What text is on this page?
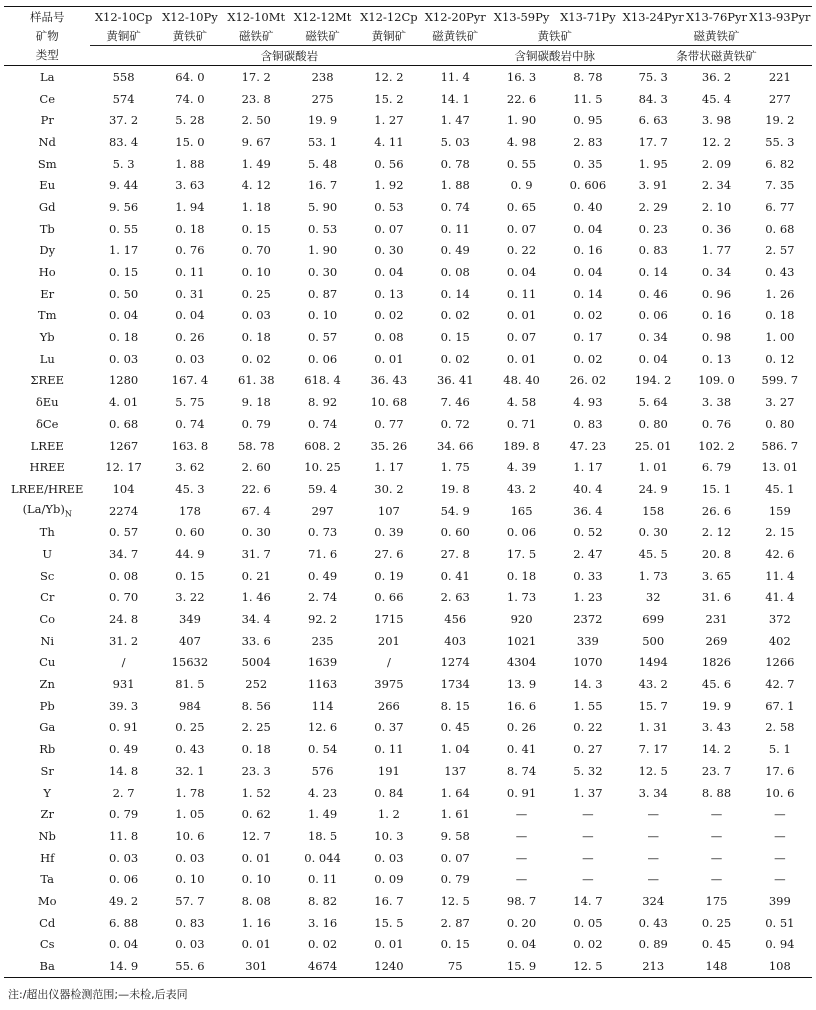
样品号	X12-10Cp	X12-10Py	X12-10Mt	X12-12Mt	X12-12Cp	X12-20Pyr	X13-59Py	X13-71Py	X13-24Pyr	X13-76Pyr	X13-93Pyr
矿物	黄铜矿	黄铁矿	磁铁矿	磁铁矿	黄铜矿	磁黄铁矿	黄铁矿		磁黄铁矿		
类型	含铜碳酸岩						含铜碳酸岩中脉		条带状磁黄铁矿		
La	558	64. 0	17. 2	238	12. 2	11. 4	16. 3	8. 78	75. 3	36. 2	221
Ce	574	74. 0	23. 8	275	15. 2	14. 1	22. 6	11. 5	84. 3	45. 4	277
Pr	37. 2	5. 28	2. 50	19. 9	1. 27	1. 47	1. 90	0. 95	6. 63	3. 98	19. 2
Nd	83. 4	15. 0	9. 67	53. 1	4. 11	5. 03	4. 98	2. 83	17. 7	12. 2	55. 3
Sm	5. 3	1. 88	1. 49	5. 48	0. 56	0. 78	0. 55	0. 35	1. 95	2. 09	6. 82
Eu	9. 44	3. 63	4. 12	16. 7	1. 92	1. 88	0. 9	0. 606	3. 91	2. 34	7. 35
Gd	9. 56	1. 94	1. 18	5. 90	0. 53	0. 74	0. 65	0. 40	2. 29	2. 10	6. 77
Tb	0. 55	0. 18	0. 15	0. 53	0. 07	0. 11	0. 07	0. 04	0. 23	0. 36	0. 68
Dy	1. 17	0. 76	0. 70	1. 90	0. 30	0. 49	0. 22	0. 16	0. 83	1. 77	2. 57
Ho	0. 15	0. 11	0. 10	0. 30	0. 04	0. 08	0. 04	0. 04	0. 14	0. 34	0. 43
Er	0. 50	0. 31	0. 25	0. 87	0. 13	0. 14	0. 11	0. 14	0. 46	0. 96	1. 26
Tm	0. 04	0. 04	0. 03	0. 10	0. 02	0. 02	0. 01	0. 02	0. 06	0. 16	0. 18
Yb	0. 18	0. 26	0. 18	0. 57	0. 08	0. 15	0. 07	0. 17	0. 34	0. 98	1. 00
Lu	0. 03	0. 03	0. 02	0. 06	0. 01	0. 02	0. 01	0. 02	0. 04	0. 13	0. 12
ΣREE	1280	167. 4	61. 38	618. 4	36. 43	36. 41	48. 40	26. 02	194. 2	109. 0	599. 7
δEu	4. 01	5. 75	9. 18	8. 92	10. 68	7. 46	4. 58	4. 93	5. 64	3. 38	3. 27
δCe	0. 68	0. 74	0. 79	0. 74	0. 77	0. 72	0. 71	0. 83	0. 80	0. 76	0. 80
LREE	1267	163. 8	58. 78	608. 2	35. 26	34. 66	189. 8	47. 23	25. 01	102. 2	586. 7
HREE	12. 17	3. 62	2. 60	10. 25	1. 17	1. 75	4. 39	1. 17	1. 01	6. 79	13. 01
LREE/HREE	104	45. 3	22. 6	59. 4	30. 2	19. 8	43. 2	40. 4	24. 9	15. 1	45. 1
$(La/Yb)_N$	2274	178	67. 4	297	107	54. 9	165	36. 4	158	26. 6	159
Th	0. 57	0. 60	0. 30	0. 73	0. 39	0. 60	0. 06	0. 52	0. 30	2. 12	2. 15
U	34. 7	44. 9	31. 7	71. 6	27. 6	27. 8	17. 5	2. 47	45. 5	20. 8	42. 6
Sc	0. 08	0. 15	0. 21	0. 49	0. 19	0. 41	0. 18	0. 33	1. 73	3. 65	11. 4
Cr	0. 70	3. 22	1. 46	2. 74	0. 66	2. 63	1. 73	1. 23	32	31. 6	41. 4
Co	24. 8	349	34. 4	92. 2	1715	456	920	2372	699	231	372
Ni	31. 2	407	33. 6	235	201	403	1021	339	500	269	402
Cu	/	15632	5004	1639	/	1274	4304	1070	1494	1826	1266
Zn	931	81. 5	252	1163	3975	1734	13. 9	14. 3	43. 2	45. 6	42. 7
Pb	39. 3	984	8. 56	114	266	8. 15	16. 6	1. 55	15. 7	19. 9	67. 1
Ga	0. 91	0. 25	2. 25	12. 6	0. 37	0. 45	0. 26	0. 22	1. 31	3. 43	2. 58
Rb	0. 49	0. 43	0. 18	0. 54	0. 11	1. 04	0. 41	0. 27	7. 17	14. 2	5. 1
Sr	14. 8	32. 1	23. 3	576	191	137	8. 74	5. 32	12. 5	23. 7	17. 6
Y	2. 7	1. 78	1. 52	4. 23	0. 84	1. 64	0. 91	1. 37	3. 34	8. 88	10. 6
Zr	0. 79	1. 05	0. 62	1. 49	1. 2	1. 61	—	—	—	—	—
Nb	11. 8	10. 6	12. 7	18. 5	10. 3	9. 58	—	—	—	—	—
Hf	0. 03	0. 03	0. 01	0. 044	0. 03	0. 07	—	—	—	—	—
Ta	0. 06	0. 10	0. 10	0. 11	0. 09	0. 79	—	—	—	—	—
Mo	49. 2	57. 7	8. 08	8. 82	16. 7	12. 5	98. 7	14. 7	324	175	399
Cd	6. 88	0. 83	1. 16	3. 16	15. 5	2. 87	0. 20	0. 05	0. 43	0. 25	0. 51
Cs	0. 04	0. 03	0. 01	0. 02	0. 01	0. 15	0. 04	0. 02	0. 89	0. 45	0. 94
Ba	14. 9	55. 6	301	4674	1240	75	15. 9	12. 5	213	148	108
注:/超出仪器检测范围;—未检,后表同
